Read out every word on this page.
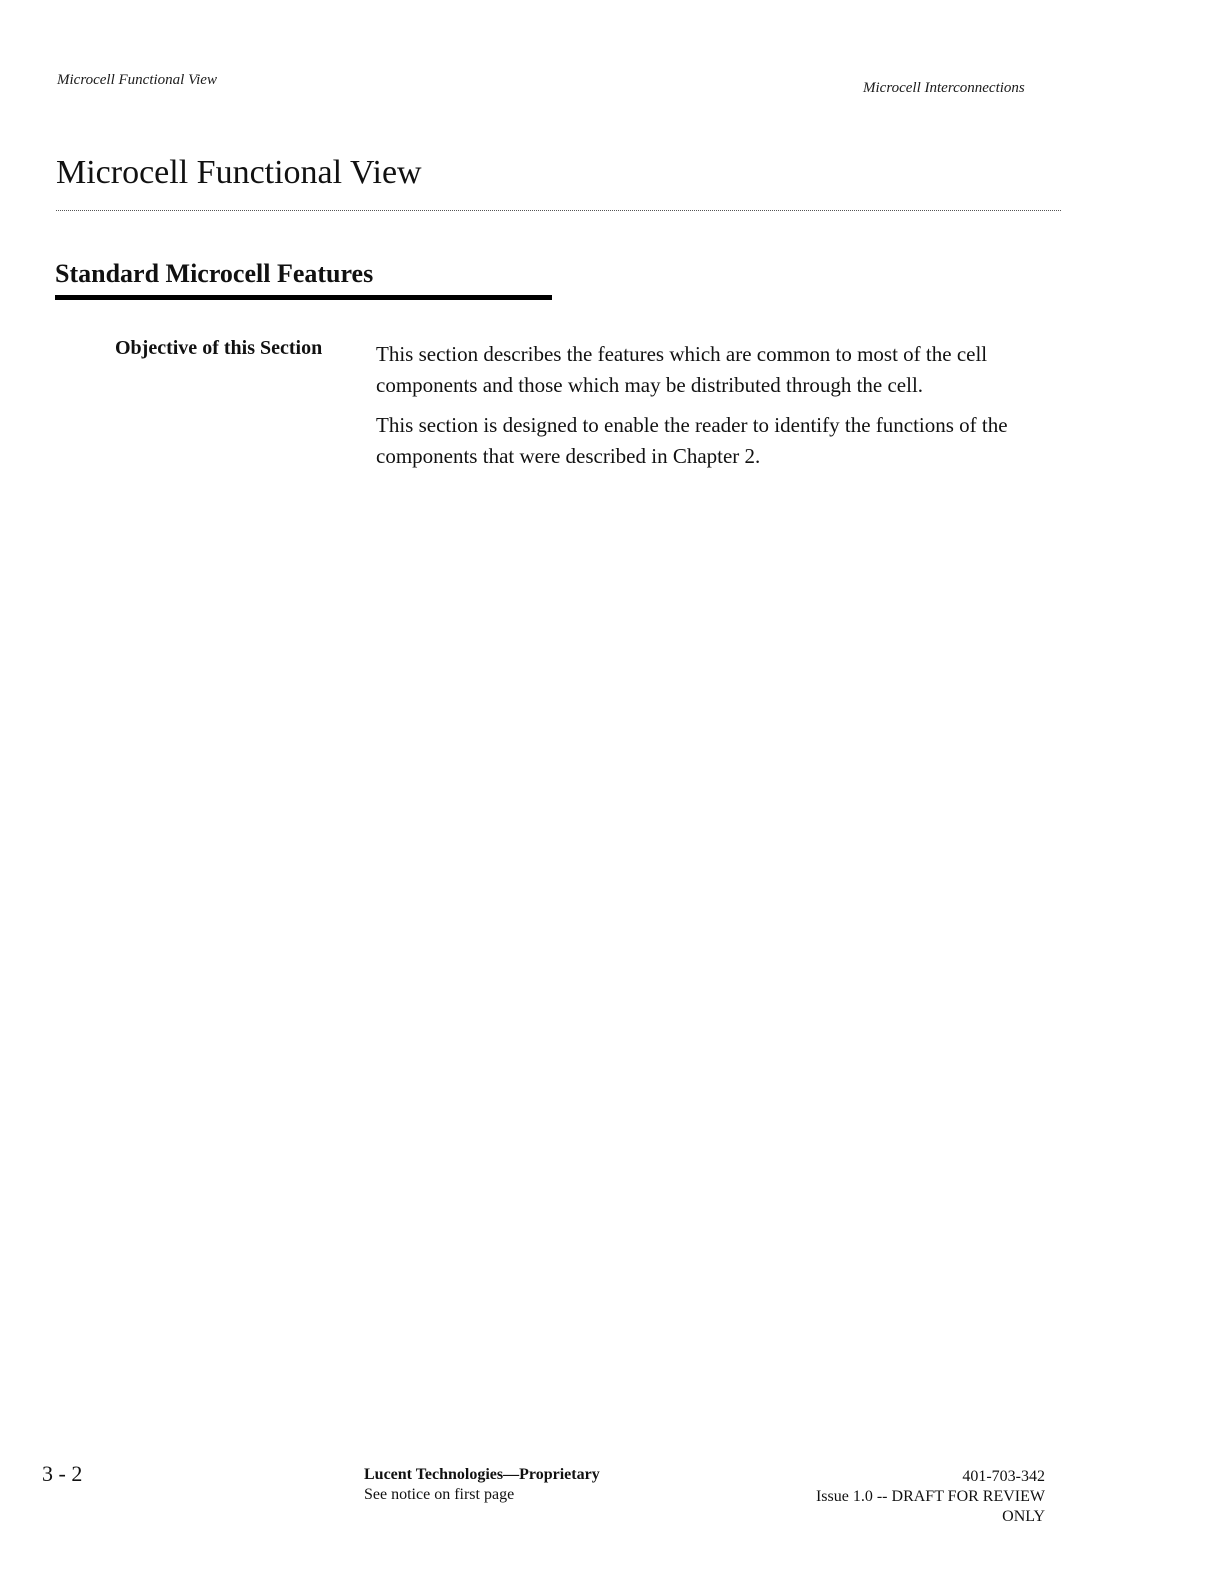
Microcell Functional View	Microcell Interconnections
Microcell Functional View
Standard Microcell Features
Objective of this Section	This section describes the features which are common to most of the cell components and those which may be distributed through the cell.

This section is designed to enable the reader to identify the functions of the components that were described in Chapter 2.

3 - 2	Lucent Technologies—Proprietary
See notice on first page
401-703-342
Issue 1.0 -- DRAFT FOR REVIEW
ONLY
